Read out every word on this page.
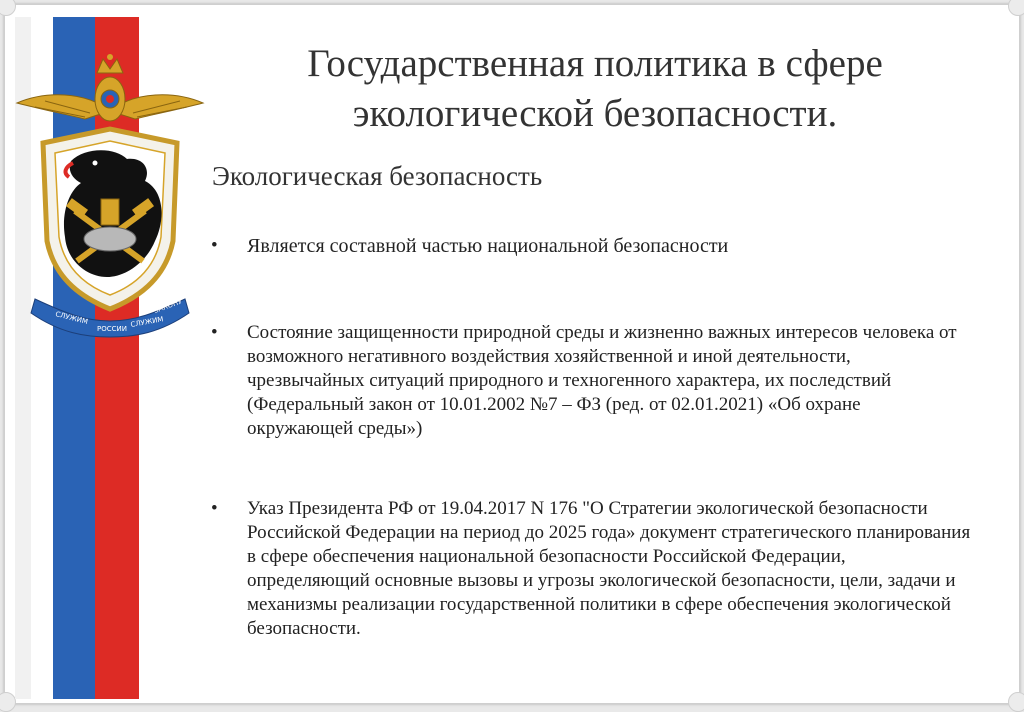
СЛУЖИМ
РОССИИ
СЛУЖИМ
ЗАКОНУ
Государственная политика в сфере экологической безопасности.
Экологическая безопасность
• Является составной частью национальной безопасности
• Состояние защищенности природной среды и жизненно важных интересов человека от возможного негативного воздействия хозяйственной и иной деятельности, чрезвычайных ситуаций природного и техногенного характера, их последствий (Федеральный закон от 10.01.2002 №7 – ФЗ (ред. от 02.01.2021) «Об охране окружающей среды»)
• Указ Президента РФ от 19.04.2017 N 176 "О Стратегии экологической безопасности Российской Федерации на период до 2025 года» документ стратегического планирования в сфере обеспечения национальной безопасности Российской Федерации, определяющий основные вызовы и угрозы экологической безопасности, цели, задачи и механизмы реализации государственной политики в сфере обеспечения экологической безопасности.
